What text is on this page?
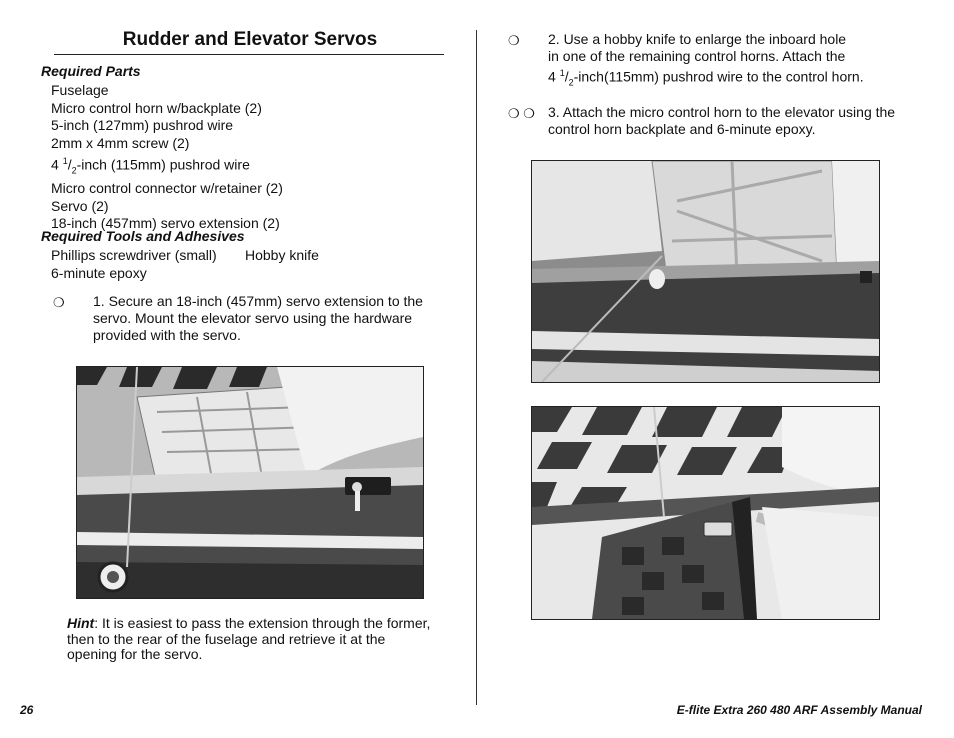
Rudder and Elevator Servos
Required Parts
Fuselage
Micro control horn w/backplate (2)
5-inch (127mm) pushrod wire
2mm x 4mm screw (2)
4 $^1/_2$-inch (115mm) pushrod wire
Micro control connector w/retainer (2)
Servo (2)
18-inch (457mm) servo extension (2)
Required Tools and Adhesives
Phillips screwdriver (small) Hobby knife
6-minute epoxy
❍ 1. Secure an 18-inch (457mm) servo extension to the
servo. Mount the elevator servo using the hardware
provided with the servo.
Hint: It is easiest to pass the extension through the former, then to the rear of the fuselage and retrieve it at the opening for the servo.
❍ 2. Use a hobby knife to enlarge the inboard hole
in one of the remaining control horns. Attach the
4 $^1/_2-inch(115mm)$ pushrod wire to the control horn.
❍ ❍ 3. Attach the micro control horn to the elevator using the
control horn backplate and 6-minute epoxy.
26	E-flite Extra 260 480 ARF Assembly Manual
